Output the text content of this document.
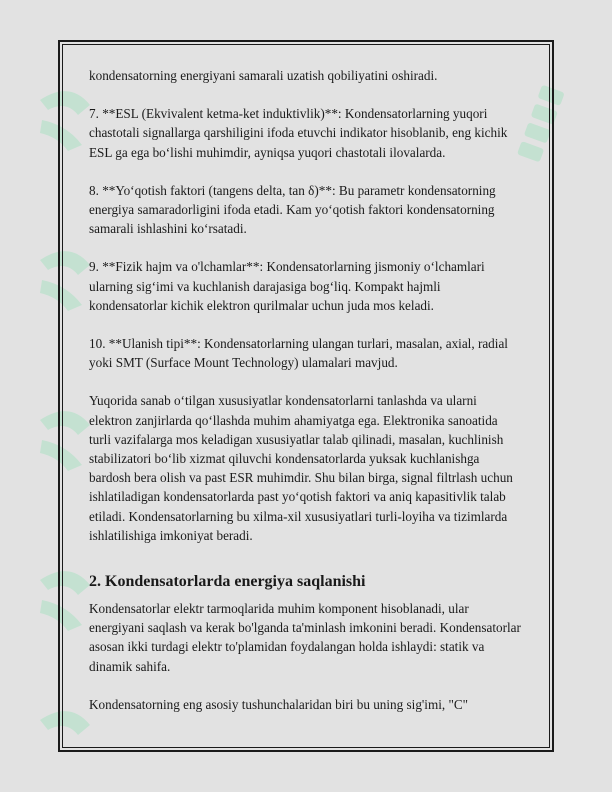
kondensatorning energiyani samarali uzatish qobiliyatini oshiradi.

7. **ESL (Ekvivalent ketma-ket induktivlik)**: Kondensatorlarning yuqori chastotali signallarga qarshiligini ifoda etuvchi indikator hisoblanib, eng kichik ESL ga ega bo‘lishi muhimdir, ayniqsa yuqori chastotali ilovalarda.

8. **Yo‘qotish faktori (tangens delta, tan δ)**: Bu parametr kondensatorning energiya samaradorligini ifoda etadi. Kam yo‘qotish faktori kondensatorning samarali ishlashini ko‘rsatadi.

9. **Fizik hajm va o'lchamlar**: Kondensatorlarning jismoniy o‘lchamlari ularning sig‘imi va kuchlanish darajasiga bog‘liq. Kompakt hajmli kondensatorlar kichik elektron qurilmalar uchun juda mos keladi.

10. **Ulanish tipi**: Kondensatorlarning ulangan turlari, masalan, axial, radial yoki SMT (Surface Mount Technology) ulamalari mavjud.

Yuqorida sanab o‘tilgan xususiyatlar kondensatorlarni tanlashda va ularni elektron zanjirlarda qo‘llashda muhim ahamiyatga ega. Elektronika sanoatida turli vazifalarga mos keladigan xususiyatlar talab qilinadi, masalan, kuchlinish stabilizatori bo‘lib xizmat qiluvchi kondensatorlarda yuksak kuchlanishga bardosh bera olish va past ESR muhimdir. Shu bilan birga, signal filtrlash uchun ishlatiladigan kondensatorlarda past yo‘qotish faktori va aniq kapasitivlik talab etiladi. Kondensatorlarning bu xilma-xil xususiyatlari turli-loyiha va tizimlarda ishlatilishiga imkoniyat beradi.

2. Kondensatorlarda energiya saqlanishi

Kondensatorlar elektr tarmoqlarida muhim komponent hisoblanadi, ular energiyani saqlash va kerak bo'lganda ta'minlash imkonini beradi. Kondensatorlar asosan ikki turdagi elektr to'plamidan foydalangan holda ishlaydi: statik va dinamik sahifa.

Kondensatorning eng asosiy tushunchalaridan biri bu uning sig'imi, "C"
